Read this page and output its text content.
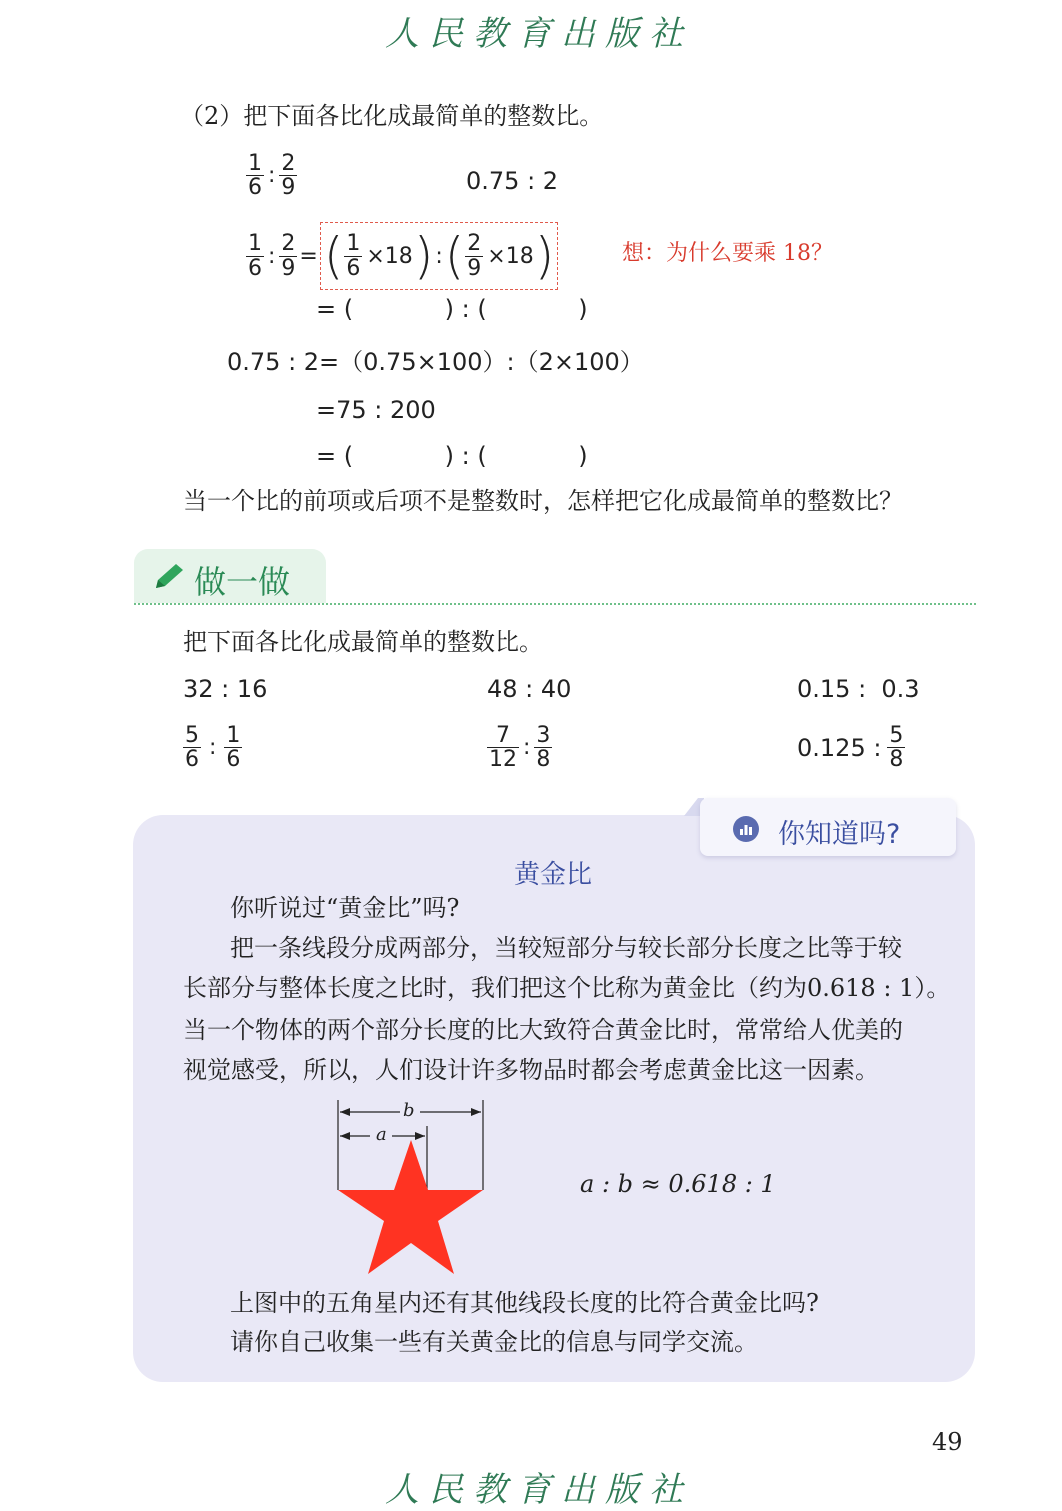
人民教育出版社
（2）把下面各比化成最简单的整数比。
$\frac{1}{6}$ : $\frac{2}{9}$	0.75 : 2
$\frac{1}{6}$ : $\frac{2}{9}$ = ( $\frac{1}{6} \times 18$ ) : ( $\frac{2}{9} \times 18$ )	想：为什么要乘 18？
= (            ) : (            )
0.75 : 2=（0.75×100）:（2×100）
=75 : 200
= (            ) : (            )
当一个比的前项或后项不是整数时，怎样把它化成最简单的整数比？
做一做
把下面各比化成最简单的整数比。
32 : 16	48 : 40	0.15 :  0.3
$\frac{5}{6}$ : $\frac{1}{6}$	$\frac{7}{12}$ : $\frac{3}{8}$	0.125 : $\frac{5}{8}$
你知道吗?
黄金比
你听说过“黄金比”吗?
把一条线段分成两部分，当较短部分与较长部分长度之比等于较
长部分与整体长度之比时，我们把这个比称为黄金比（约为0.618 : 1）。
当一个物体的两个部分长度的比大致符合黄金比时，常常给人优美的
视觉感受，所以，人们设计许多物品时都会考虑黄金比这一因素。
b
a
a : b ≈ 0.618 : 1
上图中的五角星内还有其他线段长度的比符合黄金比吗?
请你自己收集一些有关黄金比的信息与同学交流。
49
人民教育出版社
